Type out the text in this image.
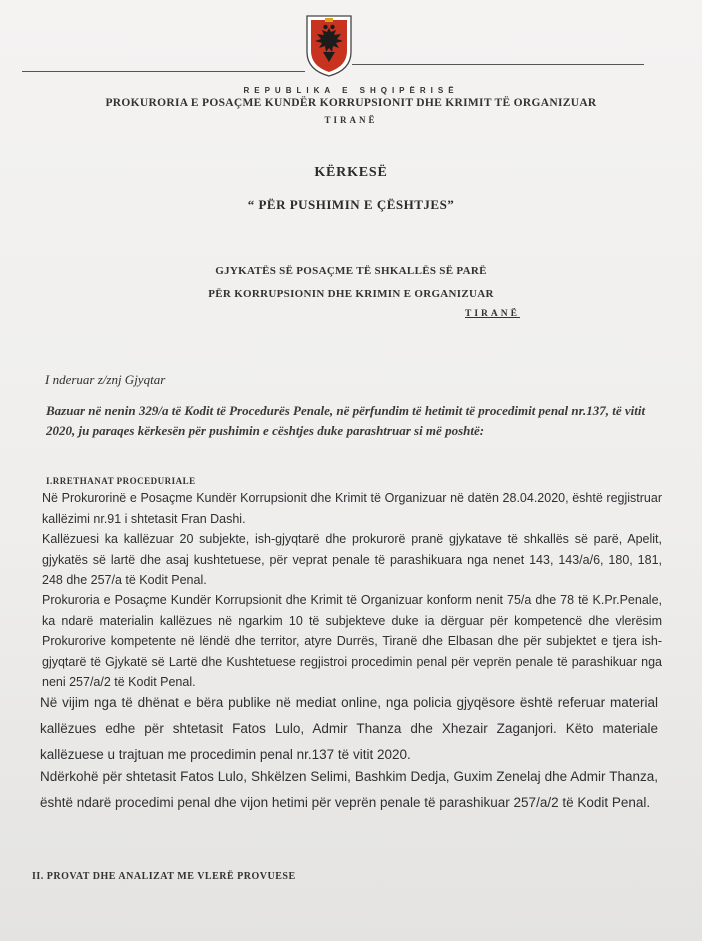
REPUBLIKA E SHQIPËRISË
PROKURORIA E POSAÇME KUNDËR KORRUPSIONIT DHE KRIMIT TË ORGANIZUAR
TIRANË
KËRKESË
“ PËR PUSHIMIN E ÇËSHTJES”
GJYKATËS SË POSAÇME TË SHKALLËS SË PARË
PËR KORRUPSIONIN DHE KRIMIN E ORGANIZUAR
TIRANË
I nderuar z/znj Gjyqtar
Bazuar në nenin 329/a të Kodit të Procedurës Penale, në përfundim të hetimit të procedimit penal nr.137, të vitit 2020, ju paraqes kërkesën për pushimin e cështjes duke parashtruar si më poshtë:
I.RRETHANAT PROCEDURIALE
Në Prokurorinë e Posaçme Kundër Korrupsionit dhe Krimit të Organizuar në datën 28.04.2020, është regjistruar kallëzimi nr.91 i shtetasit Fran Dashi.
Kallëzuesi ka kallëzuar 20 subjekte, ish-gjyqtarë dhe prokurorë pranë gjykatave të shkallës së parë, Apelit, gjykatës së lartë dhe asaj kushtetuese, për veprat penale të parashikuara nga nenet 143, 143/a/6, 180, 181, 248 dhe 257/a të Kodit Penal.
Prokuroria e Posaçme Kundër Korrupsionit dhe Krimit të Organizuar konform nenit 75/a dhe 78 të K.Pr.Penale, ka ndarë materialin kallëzues në ngarkim 10 të subjekteve duke ia dërguar për kompetencë dhe vlerësim Prokurorive kompetente në lëndë dhe territor, atyre Durrës, Tiranë dhe Elbasan dhe për subjektet e tjera ish-gjyqtarë të Gjykatë së Lartë dhe Kushtetuese regjistroi procedimin penal për veprën penale të parashikuar nga neni 257/a/2 të Kodit Penal.
Në vijim nga të dhënat e bëra publike në mediat online, nga policia gjyqësore është referuar material kallëzues edhe për shtetasit Fatos Lulo, Admir Thanza dhe Xhezair Zaganjori. Këto materiale kallëzuese u trajtuan me procedimin penal nr.137 të vitit 2020.
Ndërkohë për shtetasit Fatos Lulo, Shkëlzen Selimi, Bashkim Dedja, Guxim Zenelaj dhe Admir Thanza, është ndarë procedimi penal dhe vijon hetimi për veprën penale të parashikuar 257/a/2 të Kodit Penal.
II. PROVAT DHE ANALIZAT ME VLERË PROVUESE
